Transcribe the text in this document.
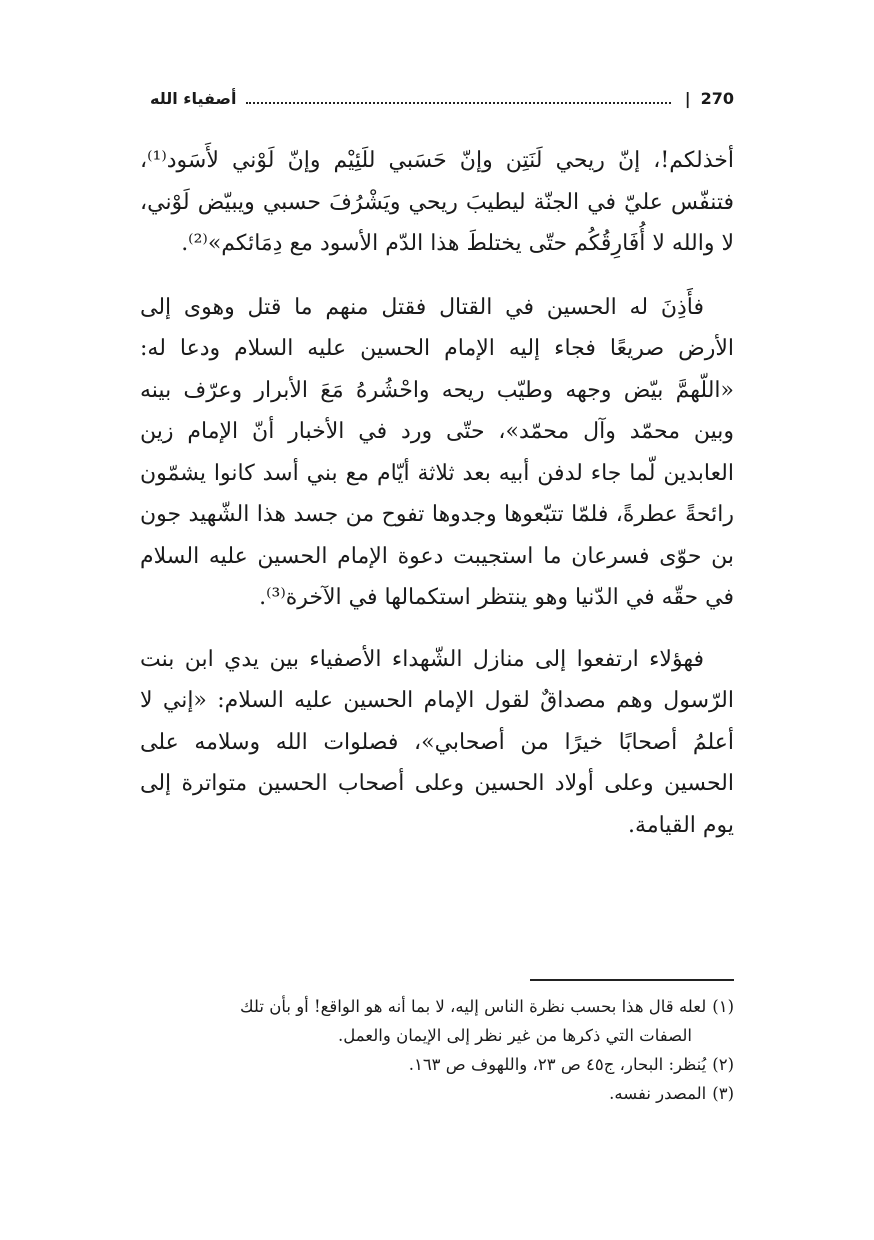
أصفياء الله	| 270

أخذلكم!، إنّ ريحي لَنَتِن وإنّ حَسَبي للَئِيْم وإنّ لَوْني لأَسَود⁽¹⁾، فتنفّس عليّ في الجنّة ليطيبَ ريحي ويَشْرُفَ حسبي ويبيّض لَوْني، لا والله لا أُفَارِقُكُم حتّى يختلطَ هذا الدّم الأسود مع دِمَائكم»⁽²⁾.

فأَذِنَ له الحسين في القتال فقتل منهم ما قتل وهوى إلى الأرض صريعًا فجاء إليه الإمام الحسين عليه السلام ودعا له: «اللّهمَّ بيّض وجهه وطيّب ريحه واحْشُرهُ مَعَ الأبرار وعرّف بينه وبين محمّد وآل محمّد»، حتّى ورد في الأخبار أنّ الإمام زين العابدين لّما جاء لدفن أبيه بعد ثلاثة أيّام مع بني أسد كانوا يشمّون رائحةً عطرةً، فلمّا تتبّعوها وجدوها تفوح من جسد هذا الشّهيد جون بن حوّى فسرعان ما استجيبت دعوة الإمام الحسين عليه السلام في حقّه في الدّنيا وهو ينتظر استكمالها في الآخرة⁽³⁾.

فهؤلاء ارتفعوا إلى منازل الشّهداء الأصفياء بين يدي ابن بنت الرّسول وهم مصداقٌ لقول الإمام الحسين عليه السلام: «إني لا أعلمُ أصحابًا خيرًا من أصحابي»، فصلوات الله وسلامه على الحسين وعلى أولاد الحسين وعلى أصحاب الحسين متواترة إلى يوم القيامة.

(١)لعله قال هذا بحسب نظرة الناس إليه، لا بما أنه هو الواقع! أو بأن تلك

الصفات التي ذكرها من غير نظر إلى الإيمان والعمل.

(٢)يُنظر: البحار، ج٤٥ ص ٢٣، واللهوف ص ١٦٣.

(٣)المصدر نفسه.
